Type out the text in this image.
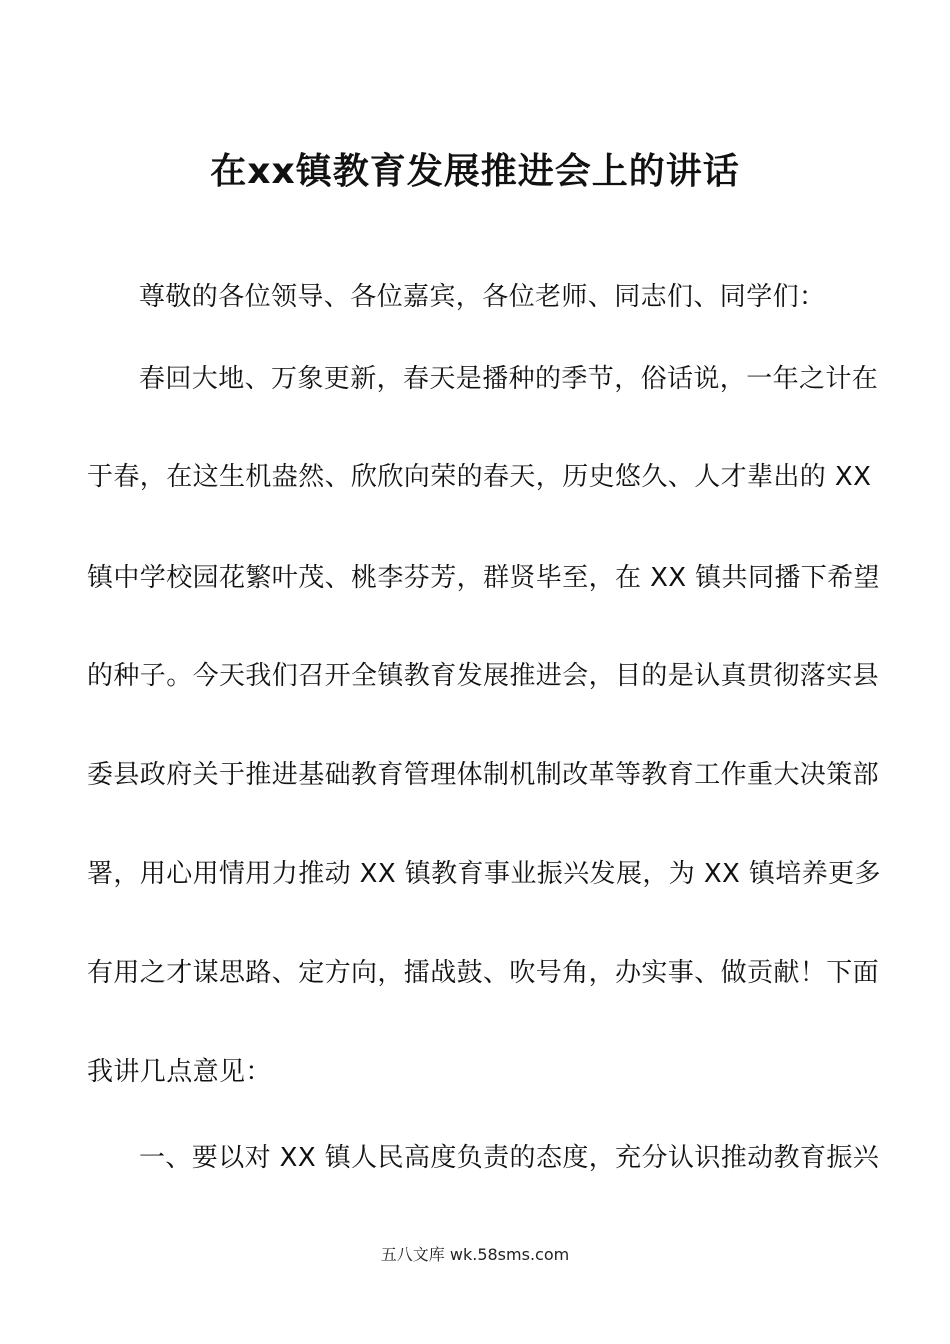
在xx镇教育发展推进会上的讲话
尊敬的各位领导、各位嘉宾，各位老师、同志们、同学们：
春回大地、万象更新，春天是播种的季节，俗话说，一年之计在
于春，在这生机盎然、欣欣向荣的春天，历史悠久、人才辈出的 XX
镇中学校园花繁叶茂、桃李芬芳，群贤毕至，在 XX 镇共同播下希望
的种子。今天我们召开全镇教育发展推进会，目的是认真贯彻落实县
委县政府关于推进基础教育管理体制机制改革等教育工作重大决策部
署，用心用情用力推动 XX 镇教育事业振兴发展，为 XX 镇培养更多
有用之才谋思路、定方向，擂战鼓、吹号角，办实事、做贡献！下面
我讲几点意见：
一、要以对 XX 镇人民高度负责的态度，充分认识推动教育振兴
五八文库 wk.58sms.com
